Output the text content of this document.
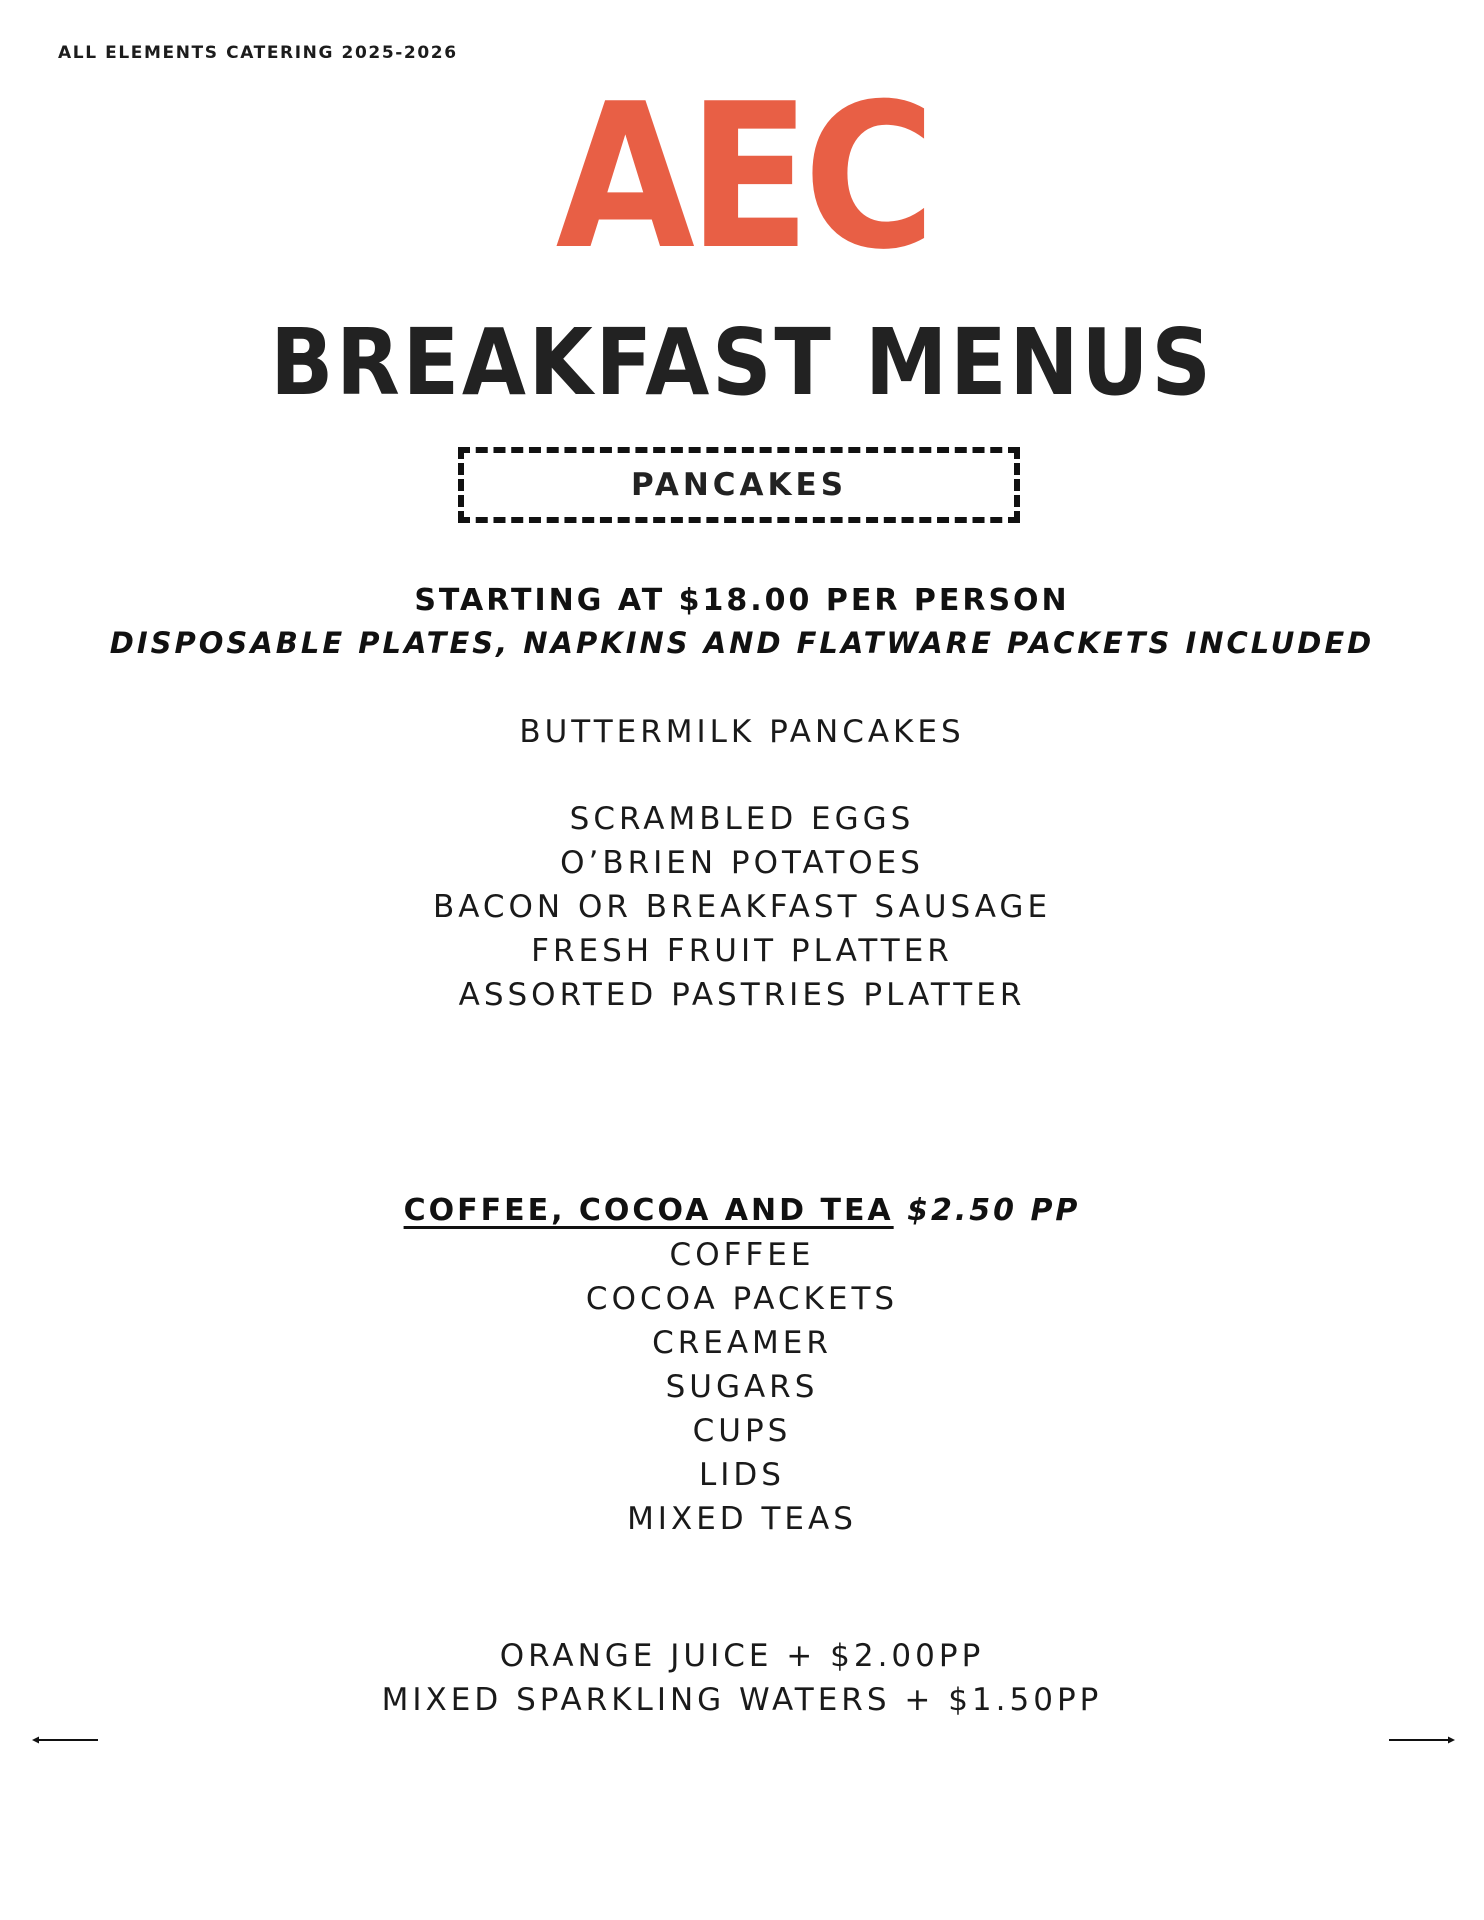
ALL ELEMENTS CATERING 2025-2026
AEC
BREAKFAST MENUS
PANCAKES
STARTING AT $18.00 PER PERSON
DISPOSABLE PLATES, NAPKINS AND FLATWARE PACKETS INCLUDED
BUTTERMILK PANCAKES
SCRAMBLED EGGS
O’BRIEN POTATOES
BACON OR BREAKFAST SAUSAGE
FRESH FRUIT PLATTER
ASSORTED PASTRIES PLATTER
COFFEE, COCOA AND TEA $2.50 PP
COFFEE
COCOA PACKETS
CREAMER
SUGARS
CUPS
LIDS
MIXED TEAS
ORANGE JUICE + $2.00PP
MIXED SPARKLING WATERS + $1.50PP
